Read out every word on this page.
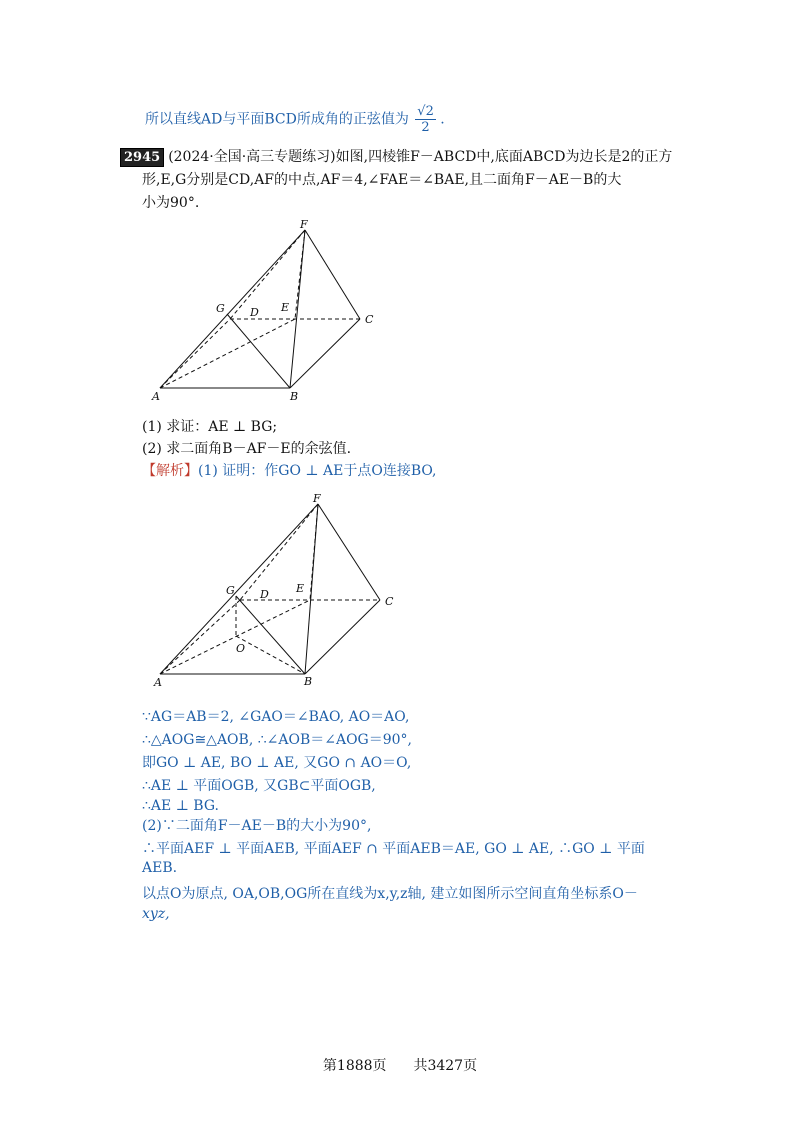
所以直线AD与平面BCD所成角的正弦值为 $\frac{√2}{2}$ .
2945 (2024·全国·高三专题练习)如图,四棱锥F－ABCD中,底面ABCD为边长是2的正方
形,E,G分别是CD,AF的中点,AF＝4,∠FAE＝∠BAE,且二面角F－AE－B的大
小为90°.
F
G D E
C
A	B
(1) 求证：AE ⊥ BG;
(2) 求二面角B－AF－E的余弦值.
【解析】(1) 证明：作GO ⊥ AE于点O连接BO,
F
G D E
C
O
A	B
∵AG＝AB＝2, ∠GAO＝∠BAO, AO＝AO,
∴△AOG≅△AOB, ∴∠AOB＝∠AOG＝90°,
即GO ⊥ AE, BO ⊥ AE, 又GO ∩ AO＝O,
∴AE ⊥ 平面OGB, 又GB⊂平面OGB,
∴AE ⊥ BG.
(2)∵二面角F－AE－B的大小为90°,
∴平面AEF ⊥ 平面AEB, 平面AEF ∩ 平面AEB＝AE, GO ⊥ AE, ∴GO ⊥ 平面
AEB.
以点O为原点, OA,OB,OG所在直线为x,y,z轴, 建立如图所示空间直角坐标系O－
xyz,
第1888页 共3427页
